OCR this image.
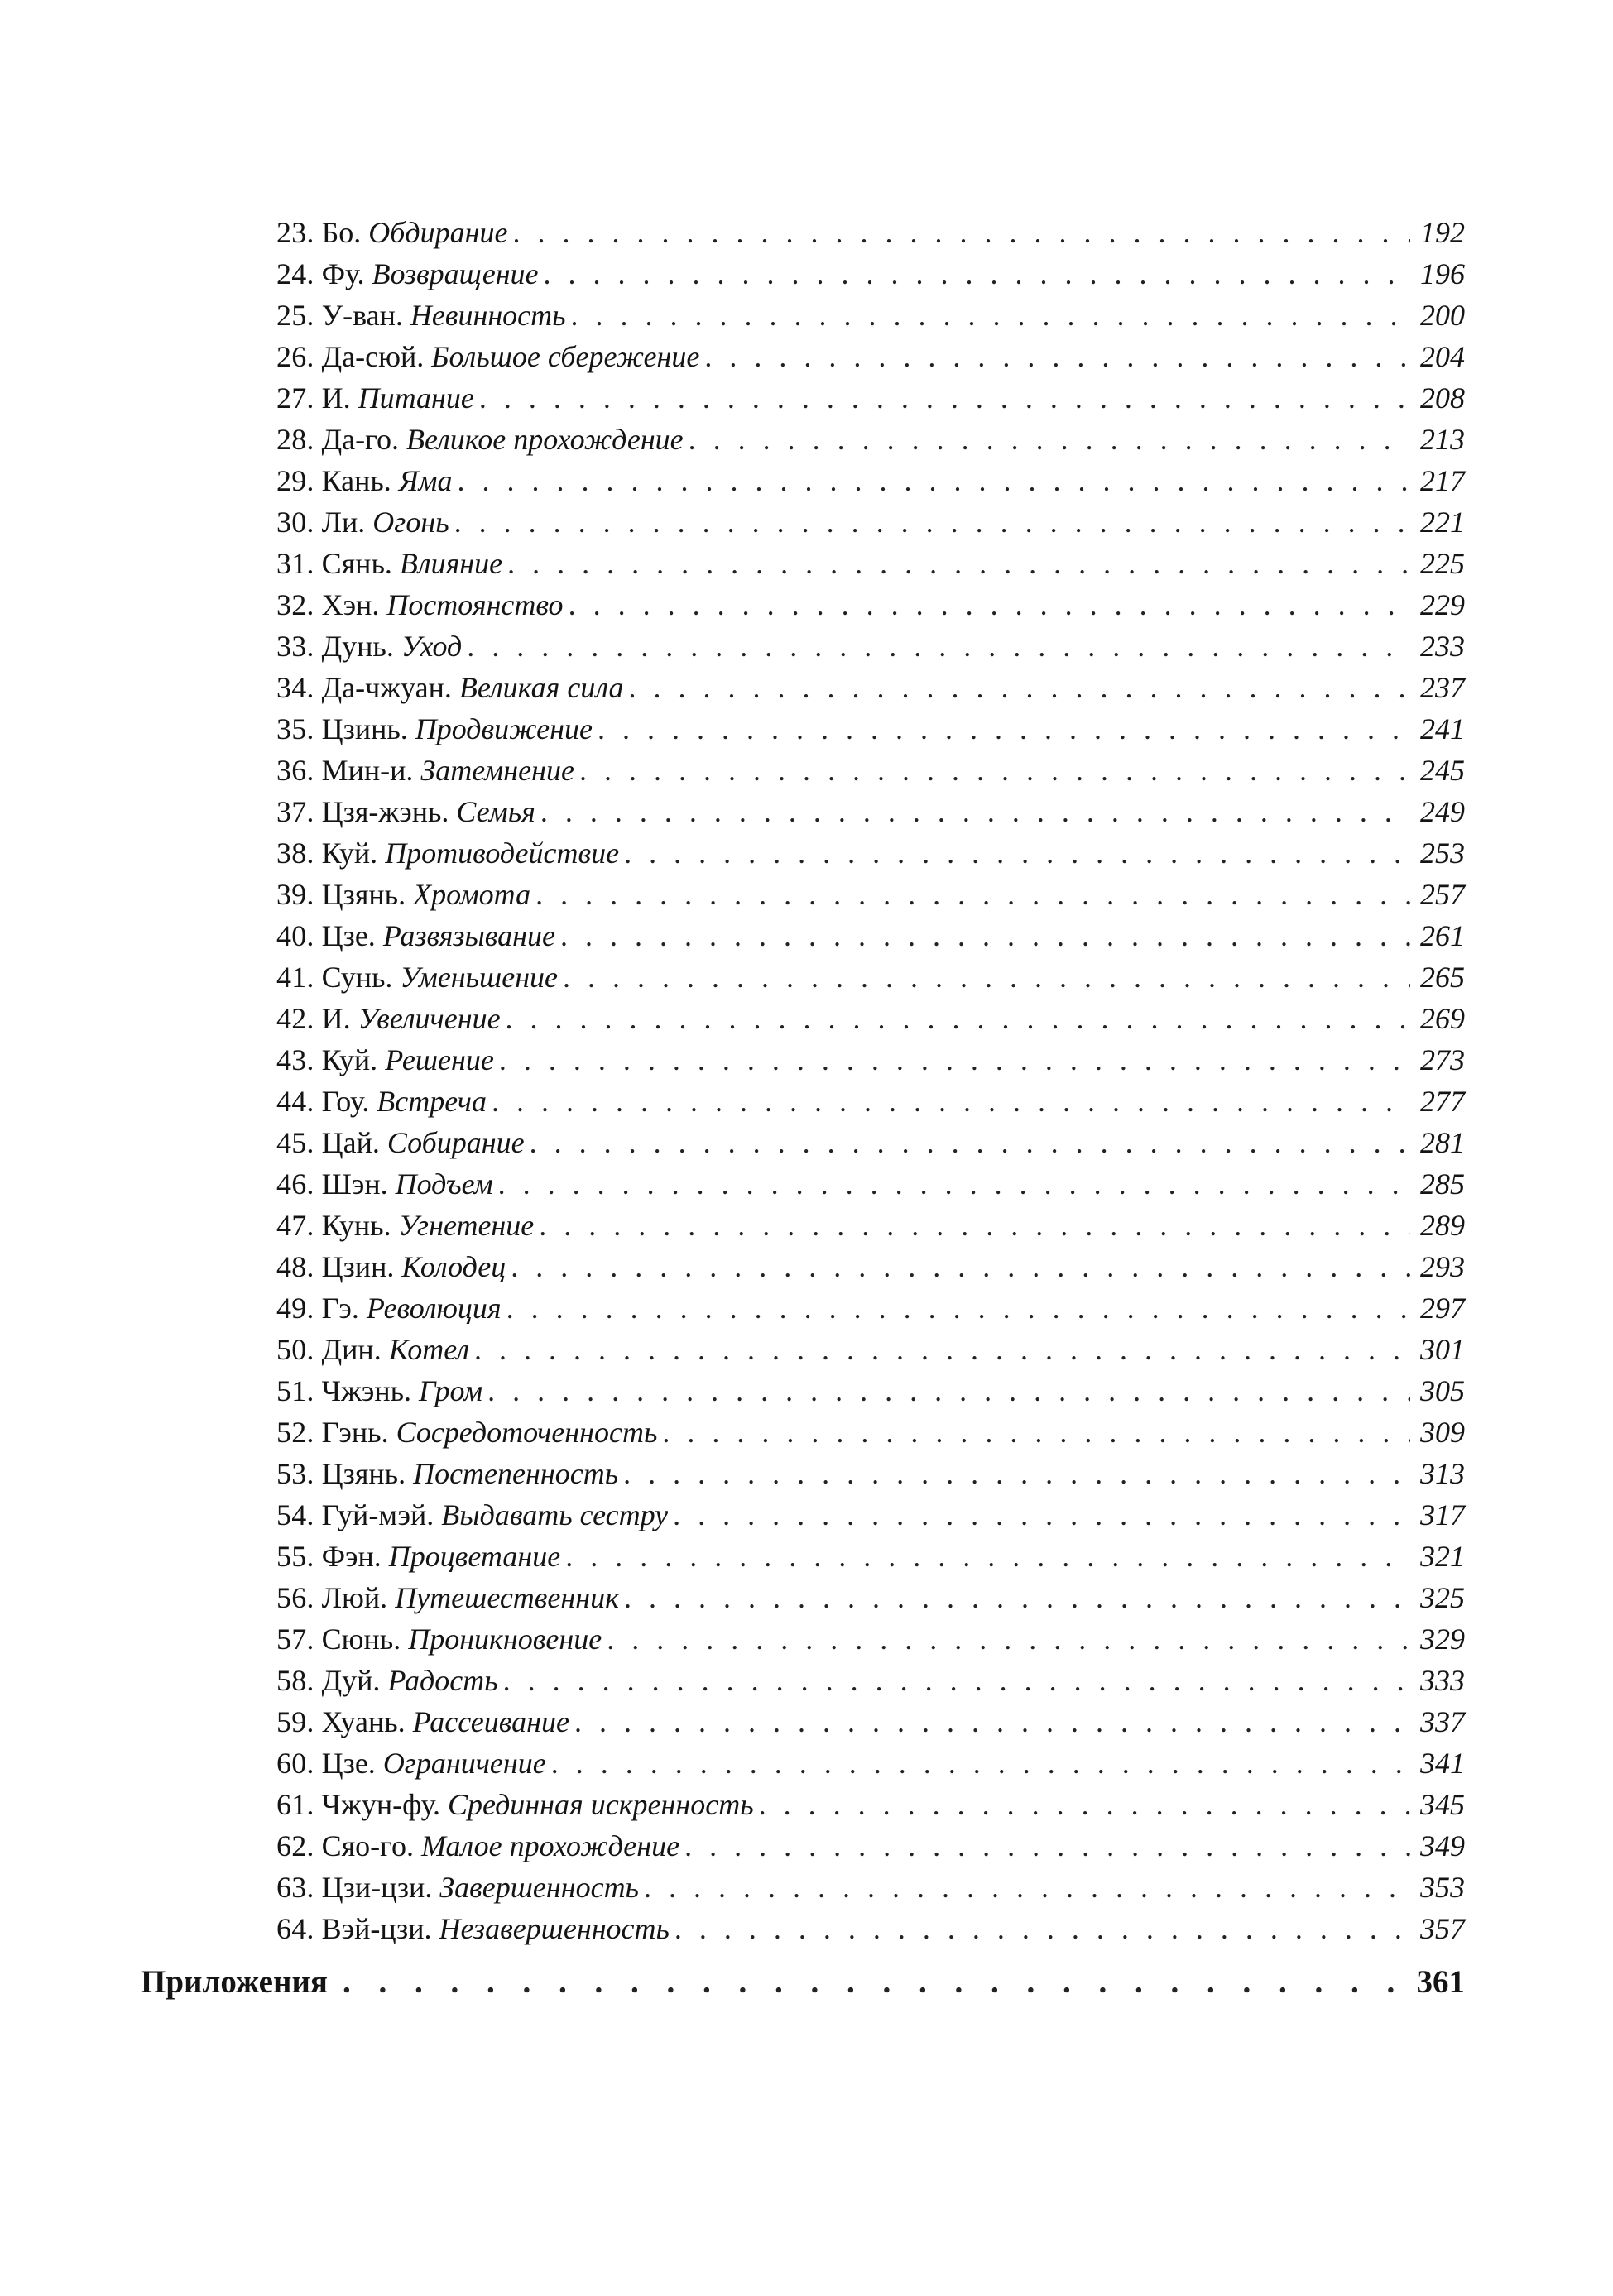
23. Бо. Обдирание . . .	192
24. Фу. Возвращение . . .	196
25. У-ван. Невинность . . .	200
26. Да-сюй. Большое сбережение . . .	204
27. И. Питание . . .	208
28. Да-го. Великое прохождение . . .	213
29. Кань. Яма . . .	217
30. Ли. Огонь . . .	221
31. Сянь. Влияние . . .	225
32. Хэн. Постоянство . . .	229
33. Дунь. Уход . . .	233
34. Да-чжуан. Великая сила . . .	237
35. Цзинь. Продвижение . . .	241
36. Мин-и. Затемнение . . .	245
37. Цзя-жэнь. Семья . . .	249
38. Куй. Противодействие . . .	253
39. Цзянь. Хромота . . .	257
40. Цзе. Развязывание . . .	261
41. Сунь. Уменьшение . . .	265
42. И. Увеличение . . .	269
43. Куй. Решение . . .	273
44. Гоу. Встреча . . .	277
45. Цай. Собирание . . .	281
46. Шэн. Подъем . . .	285
47. Кунь. Угнетение . . .	289
48. Цзин. Колодец . . .	293
49. Гэ. Революция . . .	297
50. Дин. Котел . . .	301
51. Чжэнь. Гром . . .	305
52. Гэнь. Сосредоточенность . . .	309
53. Цзянь. Постепенность . . .	313
54. Гуй-мэй. Выдавать сестру . . .	317
55. Фэн. Процветание . . .	321
56. Люй. Путешественник . . .	325
57. Сюнь. Проникновение . . .	329
58. Дуй. Радость . . .	333
59. Хуань. Рассеивание . . .	337
60. Цзе. Ограничение . . .	341
61. Чжун-фу. Срединная искренность . . .	345
62. Сяо-го. Малое прохождение . . .	349
63. Цзи-цзи. Завершенность . . .	353
64. Вэй-цзи. Незавершенность . . .	357
Приложения . . .	361
